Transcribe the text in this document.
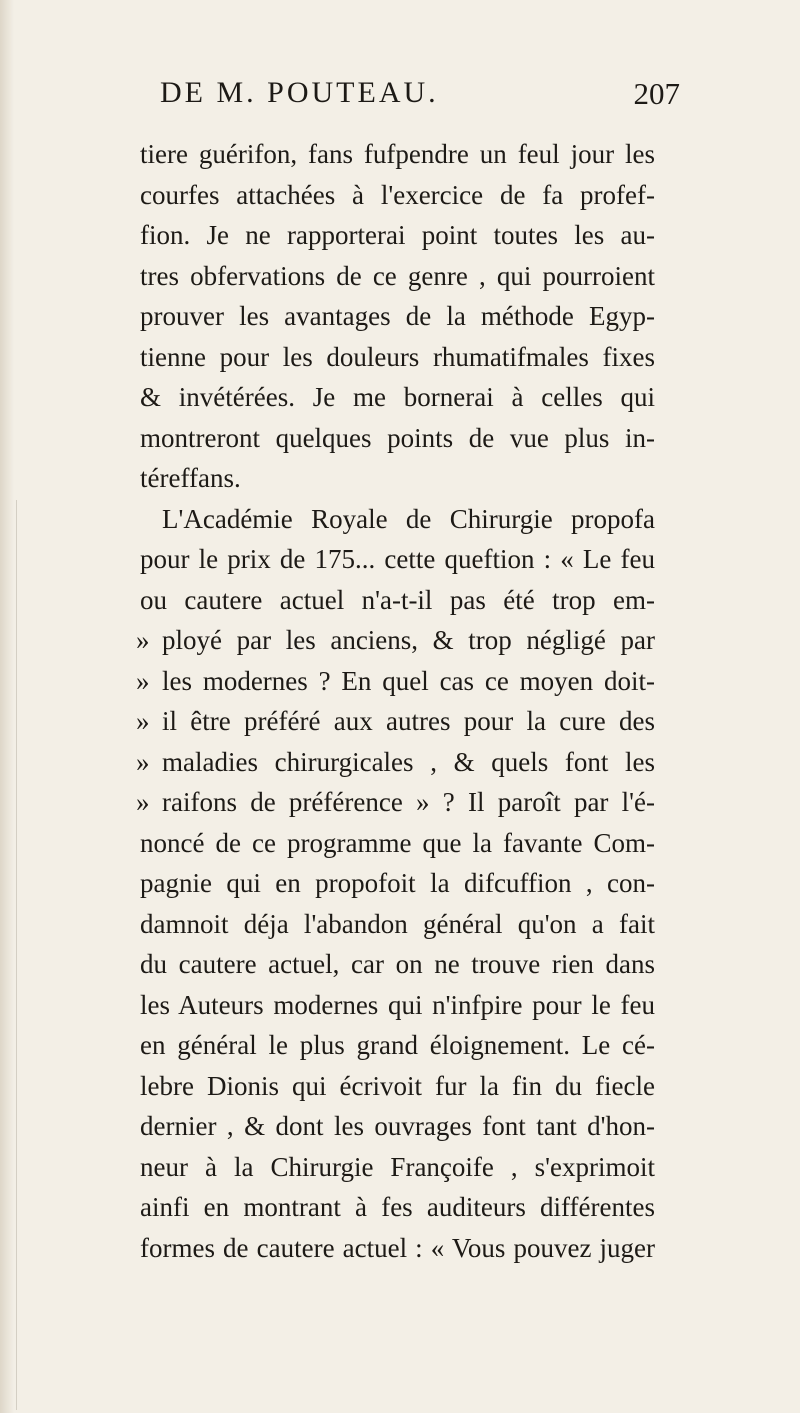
DE M. POUTEAU.	207
tiere guérifon, fans fufpendre un feul jour les
courfes attachées à l'exercice de fa profef-
fion. Je ne rapporterai point toutes les au-
tres obfervations de ce genre , qui pourroient
prouver les avantages de la méthode Egyp-
tienne pour les douleurs rhumatifmales fixes
& invétérées. Je me bornerai à celles qui
montreront quelques points de vue plus in-
téreffans.
L'Académie Royale de Chirurgie propofa
pour le prix de 175... cette queftion : « Le feu
ou cautere actuel n'a-t-il pas été trop em-
» ployé par les anciens, & trop négligé par
» les modernes ? En quel cas ce moyen doit-
» il être préféré aux autres pour la cure des
» maladies chirurgicales , & quels font les
» raifons de préférence » ? Il paroît par l'é-
noncé de ce programme que la favante Com-
pagnie qui en propofoit la difcuffion , con-
damnoit déja l'abandon général qu'on a fait
du cautere actuel, car on ne trouve rien dans
les Auteurs modernes qui n'infpire pour le feu
en général le plus grand éloignement. Le cé-
lebre Dionis qui écrivoit fur la fin du fiecle
dernier , & dont les ouvrages font tant d'hon-
neur à la Chirurgie Françoife , s'exprimoit
ainfi en montrant à fes auditeurs différentes
formes de cautere actuel : « Vous pouvez juger
